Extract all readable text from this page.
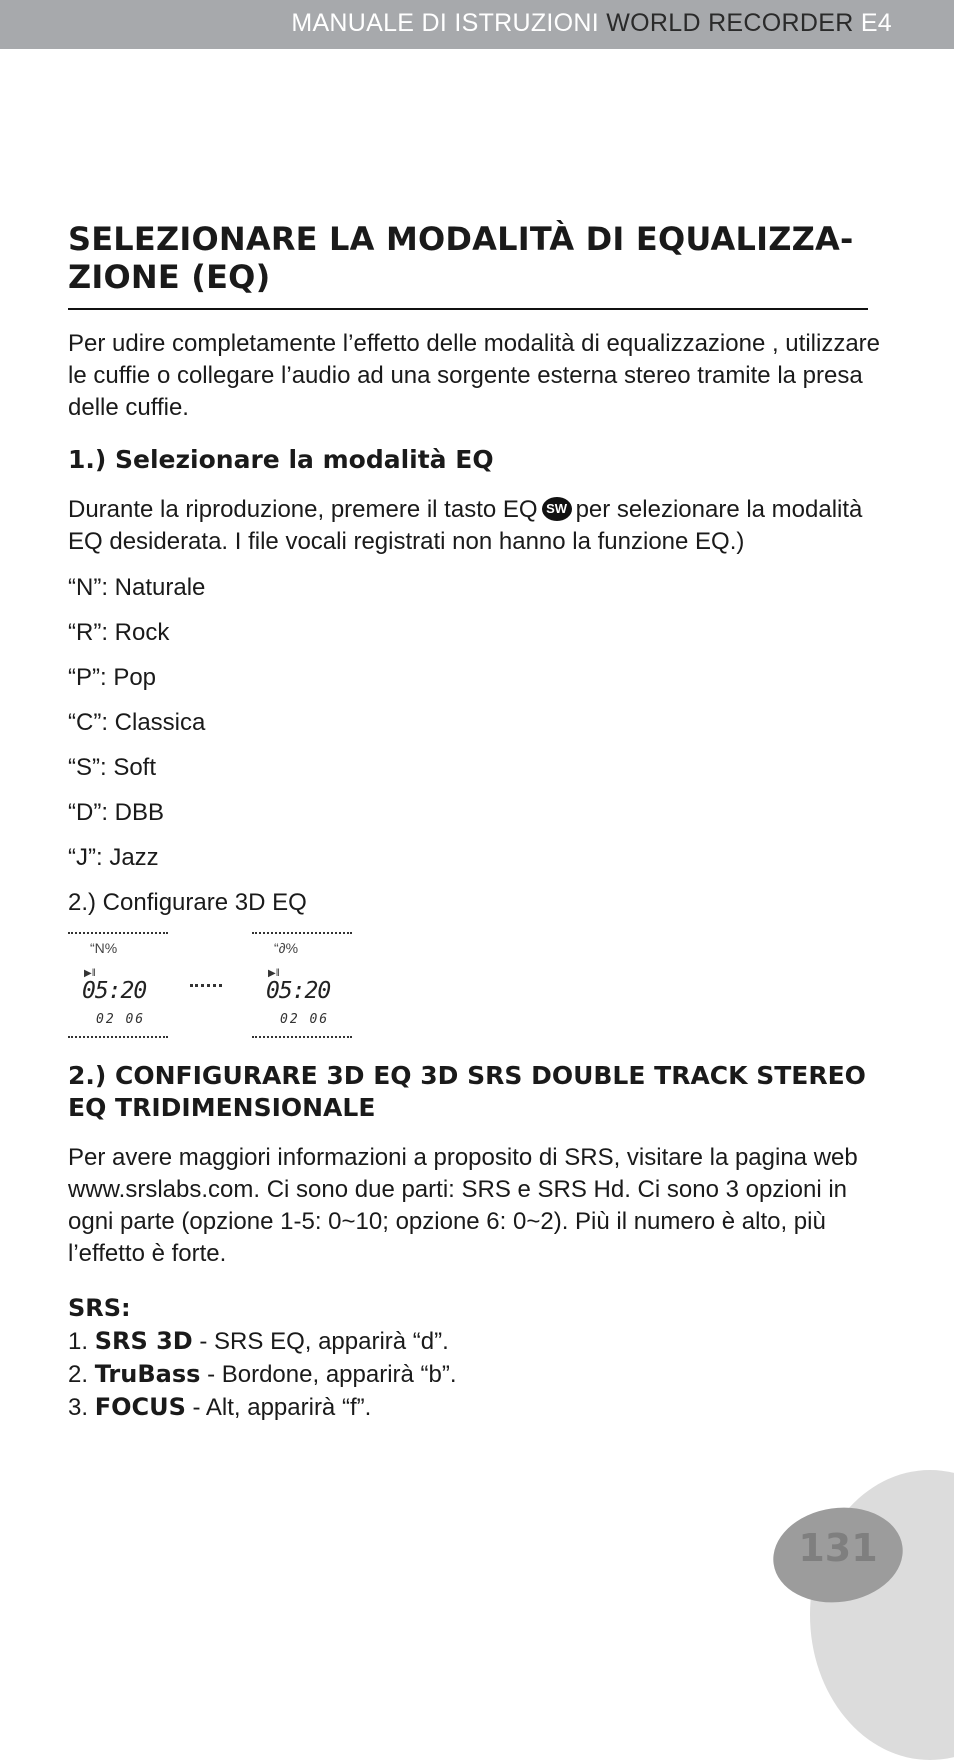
MANUALE DI ISTRUZIONI WORLD RECORDER E4
SELEZIONARE LA MODALITÀ DI EQUALIZZA-
ZIONE (EQ)

Per udire completamente l’effetto delle modalità di equalizzazione , utilizzare le cuffie o collegare l’audio ad una sorgente esterna stereo tramite la presa delle cuffie.

1.) Selezionare la modalità EQ

Durante la riproduzione, premere il tasto EQ SW per selezionare la modalità EQ desiderata. I file vocali registrati non hanno la funzione EQ.)

“N”: Naturale
“R”: Rock
“P”: Pop
“C”: Classica
“S”: Soft
“D”: DBB
“J”: Jazz
2.) Configurare 3D EQ
“N%
▶‖
05:20
02 06
“∂%
▶‖
05:20
02 06
2.) CONFIGURARE 3D EQ 3D SRS DOUBLE TRACK STEREO EQ TRIDIMENSIONALE

Per avere maggiori informazioni a proposito di SRS, visitare la pagina web www.srslabs.com. Ci sono due parti: SRS e SRS Hd. Ci sono 3 opzioni in ogni parte (opzione 1-5: 0~10; opzione 6: 0~2). Più il numero è alto, più l’effetto è forte.

SRS:
1. SRS 3D - SRS EQ, apparirà “d”.
2. TruBass - Bordone, apparirà “b”.
3. FOCUS - Alt, apparirà “f”.
131
